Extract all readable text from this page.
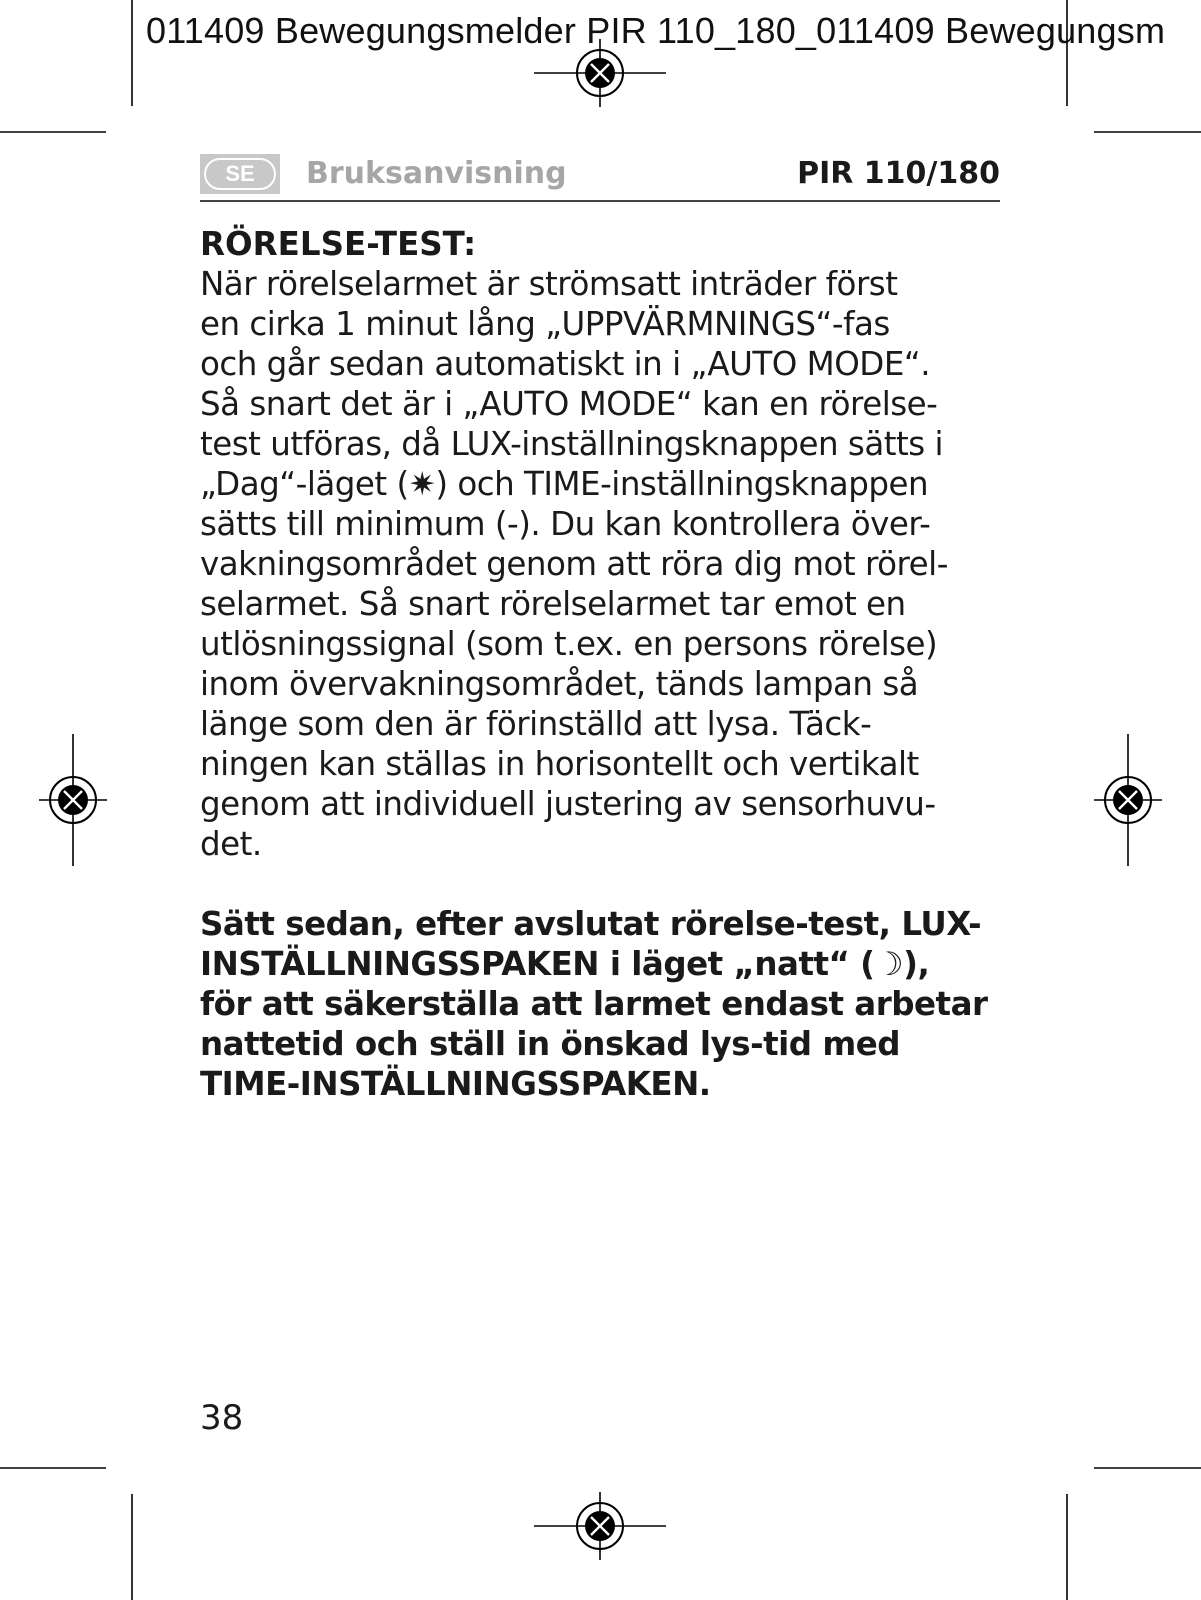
011409 Bewegungsmelder PIR 110_180_011409 Bewegungsm
SE	Bruksanvisning	PIR 110/180
RÖRELSE-TEST:

När rörelselarmet är strömsatt inträder först
en cirka 1 minut lång „UPPVÄRMNINGS“-fas
och går sedan automatiskt in i „AUTO MODE“.
Så snart det är i „AUTO MODE“ kan en rörelse-
test utföras, då LUX-inställningsknappen sätts i
„Dag“-läget (✷) och TIME-inställningsknappen
sätts till minimum (-). Du kan kontrollera över-
vakningsområdet genom att röra dig mot rörel-
selarmet. Så snart rörelselarmet tar emot en
utlösningssignal (som t.ex. en persons rörelse)
inom övervakningsområdet, tänds lampan så
länge som den är förinställd att lysa. Täck-
ningen kan ställas in horisontellt och vertikalt
genom att individuell justering av sensorhuvu-
det.

Sätt sedan, efter avslutat rörelse-test, LUX-
INSTÄLLNINGSSPAKEN i läget „natt“ (☽),
för att säkerställa att larmet endast arbetar
nattetid och ställ in önskad lys-tid med
TIME-INSTÄLLNINGSSPAKEN.

38
